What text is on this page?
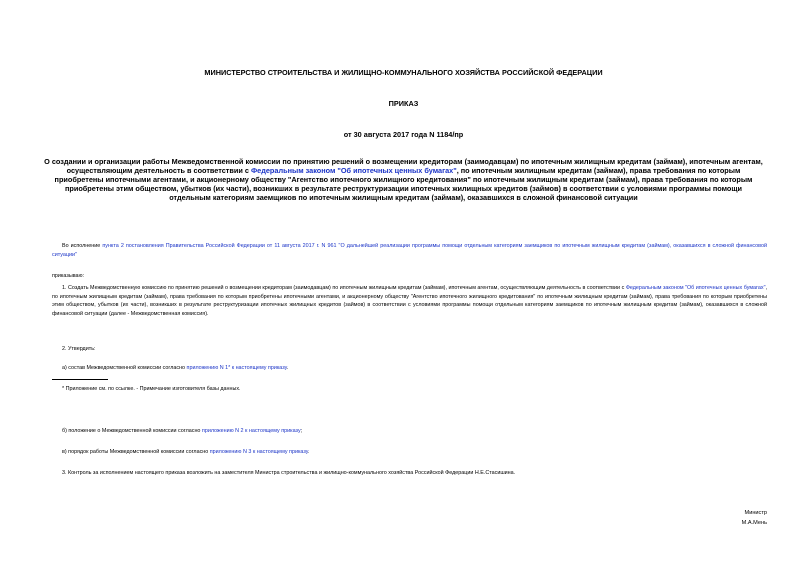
МИНИСТЕРСТВО СТРОИТЕЛЬСТВА И ЖИЛИЩНО-КОММУНАЛЬНОГО ХОЗЯЙСТВА РОССИЙСКОЙ ФЕДЕРАЦИИ
ПРИКАЗ
от 30 августа 2017 года N 1184/пр
О создании и организации работы Межведомственной комиссии по принятию решений о возмещении кредиторам (заимодавцам) по ипотечным жилищным кредитам (займам), ипотечным агентам, осуществляющим деятельность в соответствии с Федеральным законом "Об ипотечных ценных бумагах", по ипотечным жилищным кредитам (займам), права требования по которым приобретены ипотечными агентами, и акционерному обществу "Агентство ипотечного жилищного кредитования" по ипотечным жилищным кредитам (займам), права требования по которым приобретены этим обществом, убытков (их части), возникших в результате реструктуризации ипотечных жилищных кредитов (займов) в соответствии с условиями программы помощи отдельным категориям заемщиков по ипотечным жилищным кредитам (займам), оказавшихся в сложной финансовой ситуации
Во исполнение пункта 2 постановления Правительства Российской Федерации от 11 августа 2017 г. N 961 "О дальнейшей реализации программы помощи отдельным категориям заемщиков по ипотечным жилищным кредитам (займам), оказавшихся в сложной финансовой ситуации"
приказываю:
1. Создать Межведомственную комиссию по принятию решений о возмещении кредиторам (заимодавцам) по ипотечным жилищным кредитам (займам), ипотечным агентам, осуществляющим деятельность в соответствии с Федеральным законом "Об ипотечных ценных бумагах", по ипотечным жилищным кредитам (займам), права требования по которым приобретены ипотечными агентами, и акционерному обществу "Агентство ипотечного жилищного кредитования" по ипотечным жилищным кредитам (займам), права требования по которым приобретены этим обществом, убытков (их части), возникших в результате реструктуризации ипотечных жилищных кредитов (займов) в соответствии с условиями программы помощи отдельным категориям заемщиков по ипотечным жилищным кредитам (займам), оказавшихся в сложной финансовой ситуации (далее - Межведомственная комиссия).
2. Утвердить:
а) состав Межведомственной комиссии согласно приложению N 1* к настоящему приказу.
* Приложение см. по ссылке. - Примечание изготовителя базы данных.
б) положение о Межведомственной комиссии согласно приложению N 2 к настоящему приказу;
в) порядок работы Межведомственной комиссии согласно приложению N 3 к настоящему приказу.
3. Контроль за исполнением настоящего приказа возложить на заместителя Министра строительства и жилищно-коммунального хозяйства Российской Федерации Н.Е.Стасишина.
Министр
М.А.Мень
